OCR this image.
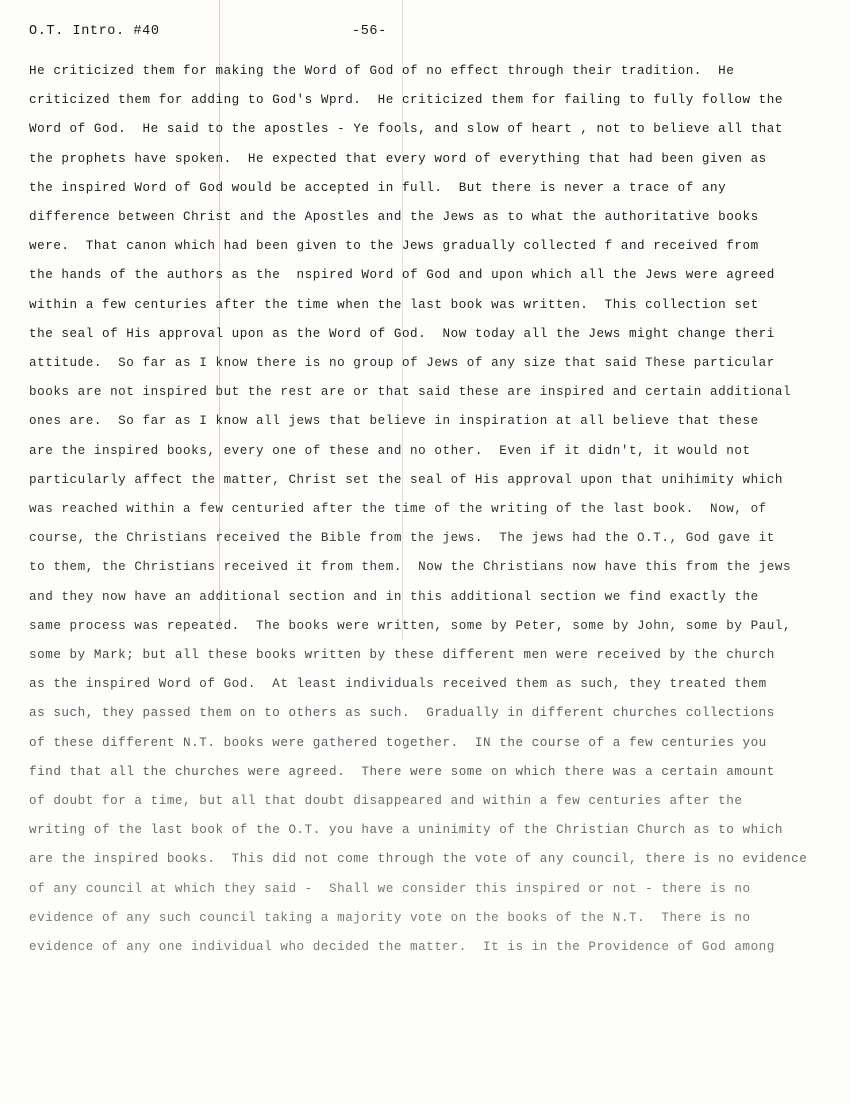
O.T. Intro. #40	-56-
He criticized them for making the Word of God of no effect through their tradition.  He
criticized them for adding to God's Wprd.  He criticized them for failing to fully follow the
Word of God.  He said to the apostles - Ye fools, and slow of heart , not to believe all that
the prophets have spoken.  He expected that every word of everything that had been given as
the inspired Word of God would be accepted in full.  But there is never a trace of any
difference between Christ and the Apostles and the Jews as to what the authoritative books
were.  That canon which had been given to the Jews gradually collected f and received from
the hands of the authors as the  nspired Word of God and upon which all the Jews were agreed
within a few centuries after the time when the last book was written.  This collection set
the seal of His approval upon as the Word of God.  Now today all the Jews might change theri
attitude.  So far as I know there is no group of Jews of any size that said These particular
books are not inspired but the rest are or that said these are inspired and certain additional
ones are.  So far as I know all jews that believe in inspiration at all believe that these
are the inspired books, every one of these and no other.  Even if it didn't, it would not
particularly affect the matter, Christ set the seal of His approval upon that unihimity which
was reached within a few centuried after the time of the writing of the last book.  Now, of
course, the Christians received the Bible from the jews.  The jews had the O.T., God gave it
to them, the Christians received it from them.  Now the Christians now have this from the jews
and they now have an additional section and in this additional section we find exactly the
same process was repeated.  The books were written, some by Peter, some by John, some by Paul,
some by Mark; but all these books written by these different men were received by the church
as the inspired Word of God.  At least individuals received them as such, they treated them
as such, they passed them on to others as such.  Gradually in different churches collections
of these different N.T. books were gathered together.  IN the course of a few centuries you
find that all the churches were agreed.  There were some on which there was a certain amount
of doubt for a time, but all that doubt disappeared and within a few centuries after the
writing of the last book of the O.T. you have a uninimity of the Christian Church as to which
are the inspired books.  This did not come through the vote of any council, there is no evidence
of any council at which they said -  Shall we consider this inspired or not - there is no
evidence of any such council taking a majority vote on the books of the N.T.  There is no
evidence of any one individual who decided the matter.  It is in the Providence of God among
